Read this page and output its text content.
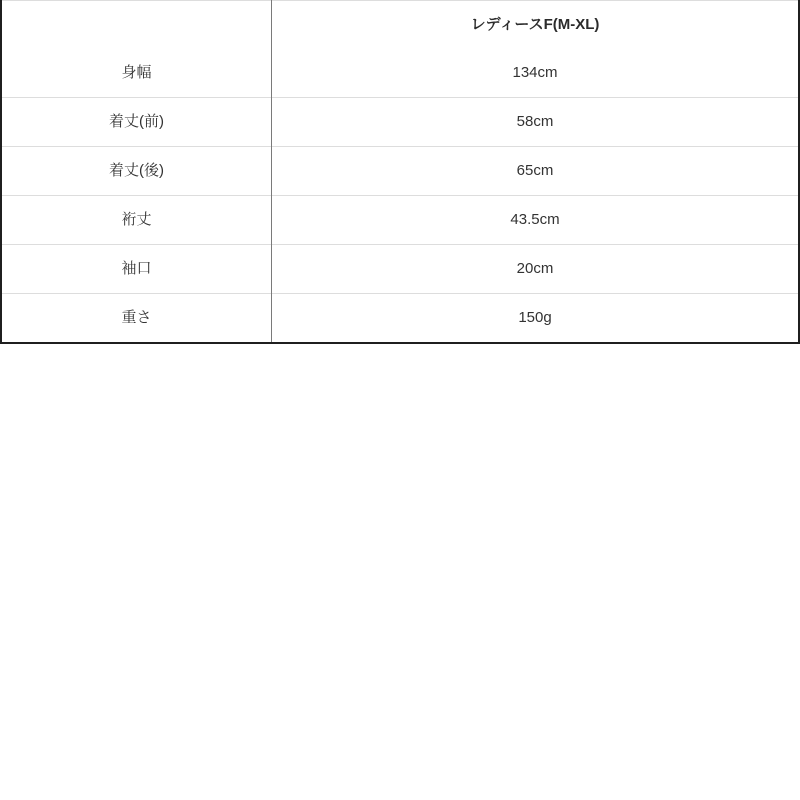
	レディースF(M-XL)
身幅	134cm
着丈(前)	58cm
着丈(後)	65cm
裄丈	43.5cm
袖口	20cm
重さ	150g
